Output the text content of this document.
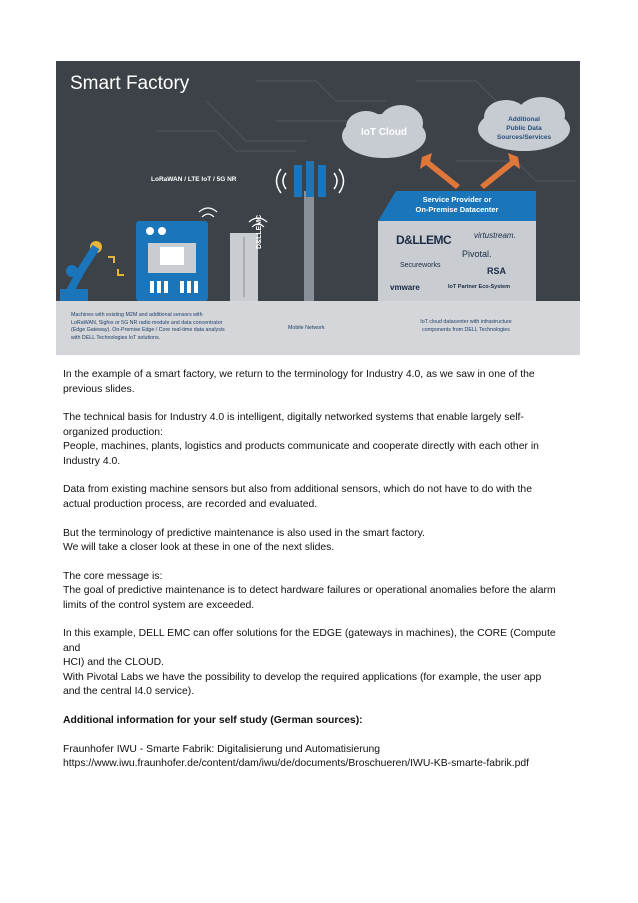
Smart Factory
LoRaWAN / LTE IoT / 5G NR
IoT Cloud
Additional
Public Data
Sources/Services
Service Provider or
On-Premise Datacenter
D&LLEMC	virtustream.
Pivotal.
Secureworks
RSA
vmware	IoT Partner Eco-System
D&LLEMC
Machines with existing M2M and additional sensors with
LoRaWAN, Sigfox or 5G NR radio module and data concentrator
(Edge Gateway). On-Premise Edge / Core real-time data analysis
with DELL Technologies IoT solutions.
Mobile Network
IoT cloud datacenter with infrastructure
components from DELL Technologies

In the example of a smart factory, we return to the terminology for Industry 4.0, as we saw in one of the
previous slides.

The technical basis for Industry 4.0 is intelligent, digitally networked systems that enable largely self-
organized production:
People, machines, plants, logistics and products communicate and cooperate directly with each other in
Industry 4.0.

Data from existing machine sensors but also from additional sensors, which do not have to do with the
actual production process, are recorded and evaluated.

But the terminology of predictive maintenance is also used in the smart factory.
We will take a closer look at these in one of the next slides.

The core message is:
The goal of predictive maintenance is to detect hardware failures or operational anomalies before the alarm
limits of the control system are exceeded.

In this example, DELL EMC can offer solutions for the EDGE (gateways in machines), the CORE (Compute and
HCI) and the CLOUD.
With Pivotal Labs we have the possibility to develop the required applications (for example, the user app
and the central I4.0 service).

Additional information for your self study (German sources):

Fraunhofer IWU - Smarte Fabrik: Digitalisierung und Automatisierung
https://www.iwu.fraunhofer.de/content/dam/iwu/de/documents/Broschueren/IWU-KB-smarte-fabrik.pdf
